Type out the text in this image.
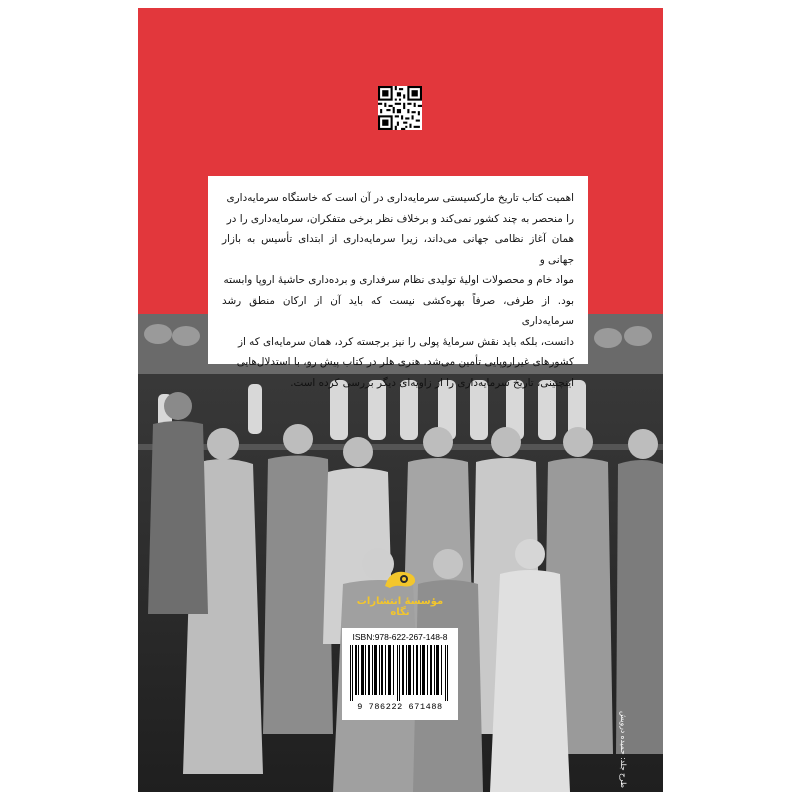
مؤسسهٔ انتشارات نگاه
ISBN:978-622-267-148-8
9 786222 671488
طرح جلد: حمیده درویش
اهمیت کتاب تاریخ مارکسیستی سرمایه‌داری در آن است که خاستگاه سرمایه‌داری
را منحصر به چند کشور نمی‌کند و برخلاف نظر برخی متفکران، سرمایه‌داری را در
همان آغاز نظامی جهانی می‌داند، زیرا سرمایه‌داری از ابتدای تأسیس به بازار جهانی و
مواد خام و محصولات اولیهٔ تولیدی نظام سرفداری و برده‌داری حاشیهٔ اروپا وابسته
بود. از طرفی، صرفاً بهره‌کشی نیست که باید آن از ارکان منطق رشد سرمایه‌داری
دانست، بلکه باید نقش سرمایهٔ پولی را نیز برجسته کرد، همان سرمایه‌ای که از
کشورهای غیراروپایی تأمین می‌شد. هنری هلر در کتاب پیش رو، با استدلال‌هایی
اینچنینی، تاریخ سرمایه‌داری را از زاویه‌ای دیگر بررسی کرده است.
